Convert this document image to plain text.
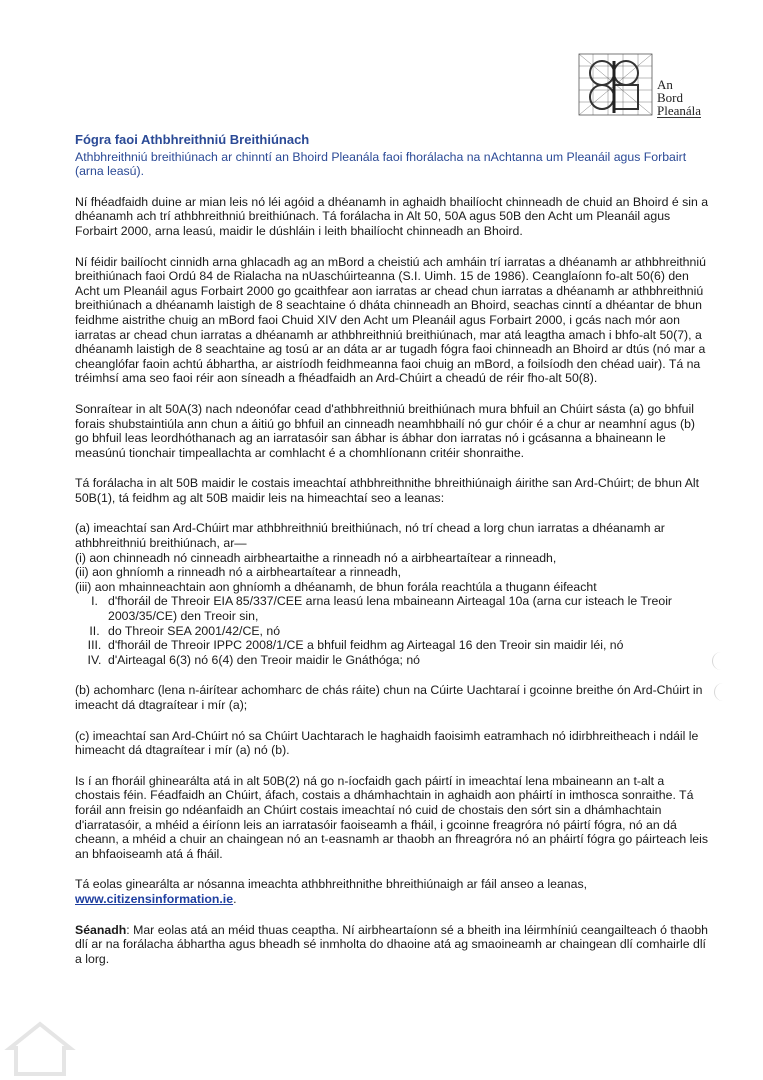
An
Bord
Pleanála

Fógra faoi Athbhreithniú Breithiúnach

Athbhreithniú breithiúnach ar chinntí an Bhoird Pleanála faoi fhorálacha na nAchtanna um Pleanáil agus Forbairt (arna leasú).

Ní fhéadfaidh duine ar mian leis nó léi agóid a dhéanamh in aghaidh bhailíocht chinneadh de chuid an Bhoird é sin a dhéanamh ach trí athbhreithniú breithiúnach. Tá forálacha in Alt 50, 50A agus 50B den Acht um Pleanáil agus Forbairt 2000, arna leasú, maidir le dúshláin i leith bhailíocht chinneadh an Bhoird.

Ní féidir bailíocht cinnidh arna ghlacadh ag an mBord a cheistiú ach amháin trí iarratas a dhéanamh ar athbhreithniú breithiúnach faoi Ordú 84 de Rialacha na nUaschúirteanna (S.I. Uimh. 15 de 1986). Ceanglaíonn fo-alt 50(6) den Acht um Pleanáil agus Forbairt 2000 go gcaithfear aon iarratas ar chead chun iarratas a dhéanamh ar athbhreithniú breithiúnach a dhéanamh laistigh de 8 seachtaine ó dháta chinneadh an Bhoird, seachas cinntí a dhéantar de bhun feidhme aistrithe chuig an mBord faoi Chuid XIV den Acht um Pleanáil agus Forbairt 2000, i gcás nach mór aon iarratas ar chead chun iarratas a dhéanamh ar athbhreithniú breithiúnach, mar atá leagtha amach i bhfo-alt 50(7), a dhéanamh laistigh de 8 seachtaine ag tosú ar an dáta ar ar tugadh fógra faoi chinneadh an Bhoird ar dtús (nó mar a cheanglófar faoin achtú ábhartha, ar aistríodh feidhmeanna faoi chuig an mBord, a foilsíodh den chéad uair). Tá na tréimhsí ama seo faoi réir aon síneadh a fhéadfaidh an Ard-Chúirt a cheadú de réir fho-alt 50(8).

Sonraítear in alt 50A(3) nach ndeonófar cead d'athbhreithniú breithiúnach mura bhfuil an Chúirt sásta (a) go bhfuil forais shubstaintiúla ann chun a áitiú go bhfuil an cinneadh neamhbhailí nó gur chóir é a chur ar neamhní agus (b) go bhfuil leas leordhóthanach ag an iarratasóir san ábhar is ábhar don iarratas nó i gcásanna a bhaineann le measúnú tionchair timpeallachta ar comhlacht é a chomhlíonann critéir shonraithe.

Tá forálacha in alt 50B maidir le costais imeachtaí athbhreithnithe bhreithiúnaigh áirithe san Ard-Chúirt; de bhun Alt 50B(1), tá feidhm ag alt 50B maidir leis na himeachtaí seo a leanas:

(a) imeachtaí san Ard-Chúirt mar athbhreithniú breithiúnach, nó trí chead a lorg chun iarratas a dhéanamh ar athbhreithniú breithiúnach, ar—

(i) aon chinneadh nó cinneadh airbheartaithe a rinneadh nó a airbheartaítear a rinneadh,

(ii) aon ghníomh a rinneadh nó a airbheartaítear a rinneadh,

(iii) aon mhainneachtain aon ghníomh a dhéanamh, de bhun forála reachtúla a thugann éifeacht

I. d'fhoráil de Threoir EIA 85/337/CEE arna leasú lena mbaineann Airteagal 10a (arna cur isteach le Treoir 2003/35/CE) den Treoir sin,
II. do Threoir SEA 2001/42/CE, nó
III. d'fhoráil de Threoir IPPC 2008/1/CE a bhfuil feidhm ag Airteagal 16 den Treoir sin maidir léi, nó
IV. d'Airteagal 6(3) nó 6(4) den Treoir maidir le Gnáthóga; nó

(b) achomharc (lena n-áirítear achomharc de chás ráite) chun na Cúirte Uachtaraí i gcoinne breithe ón Ard-Chúirt in imeacht dá dtagraítear i mír (a);

(c) imeachtaí san Ard-Chúirt nó sa Chúirt Uachtarach le haghaidh faoisimh eatramhach nó idirbhreitheach i ndáil le himeacht dá dtagraítear i mír (a) nó (b).

Is í an fhoráil ghinearálta atá in alt 50B(2) ná go n-íocfaidh gach páirtí in imeachtaí lena mbaineann an t-alt a chostais féin. Féadfaidh an Chúirt, áfach, costais a dhámhachtain in aghaidh aon pháirtí in imthosca sonraithe. Tá foráil ann freisin go ndéanfaidh an Chúirt costais imeachtaí nó cuid de chostais den sórt sin a dhámhachtain d'iarratasóir, a mhéid a éiríonn leis an iarratasóir faoiseamh a fháil, i gcoinne freagróra nó páirtí fógra, nó an dá cheann, a mhéid a chuir an chaingean nó an t-easnamh ar thaobh an fhreagróra nó an pháirtí fógra go páirteach leis an bhfaoiseamh atá á fháil.

Tá eolas ginearálta ar nósanna imeachta athbhreithnithe bhreithiúnaigh ar fáil anseo a leanas, www.citizensinformation.ie.

Séanadh: Mar eolas atá an méid thuas ceaptha. Ní airbheartaíonn sé a bheith ina léirmhíniú ceangailteach ó thaobh dlí ar na forálacha ábhartha agus bheadh sé inmholta do dhaoine atá ag smaoineamh ar chaingean dlí comhairle dlí a lorg.
